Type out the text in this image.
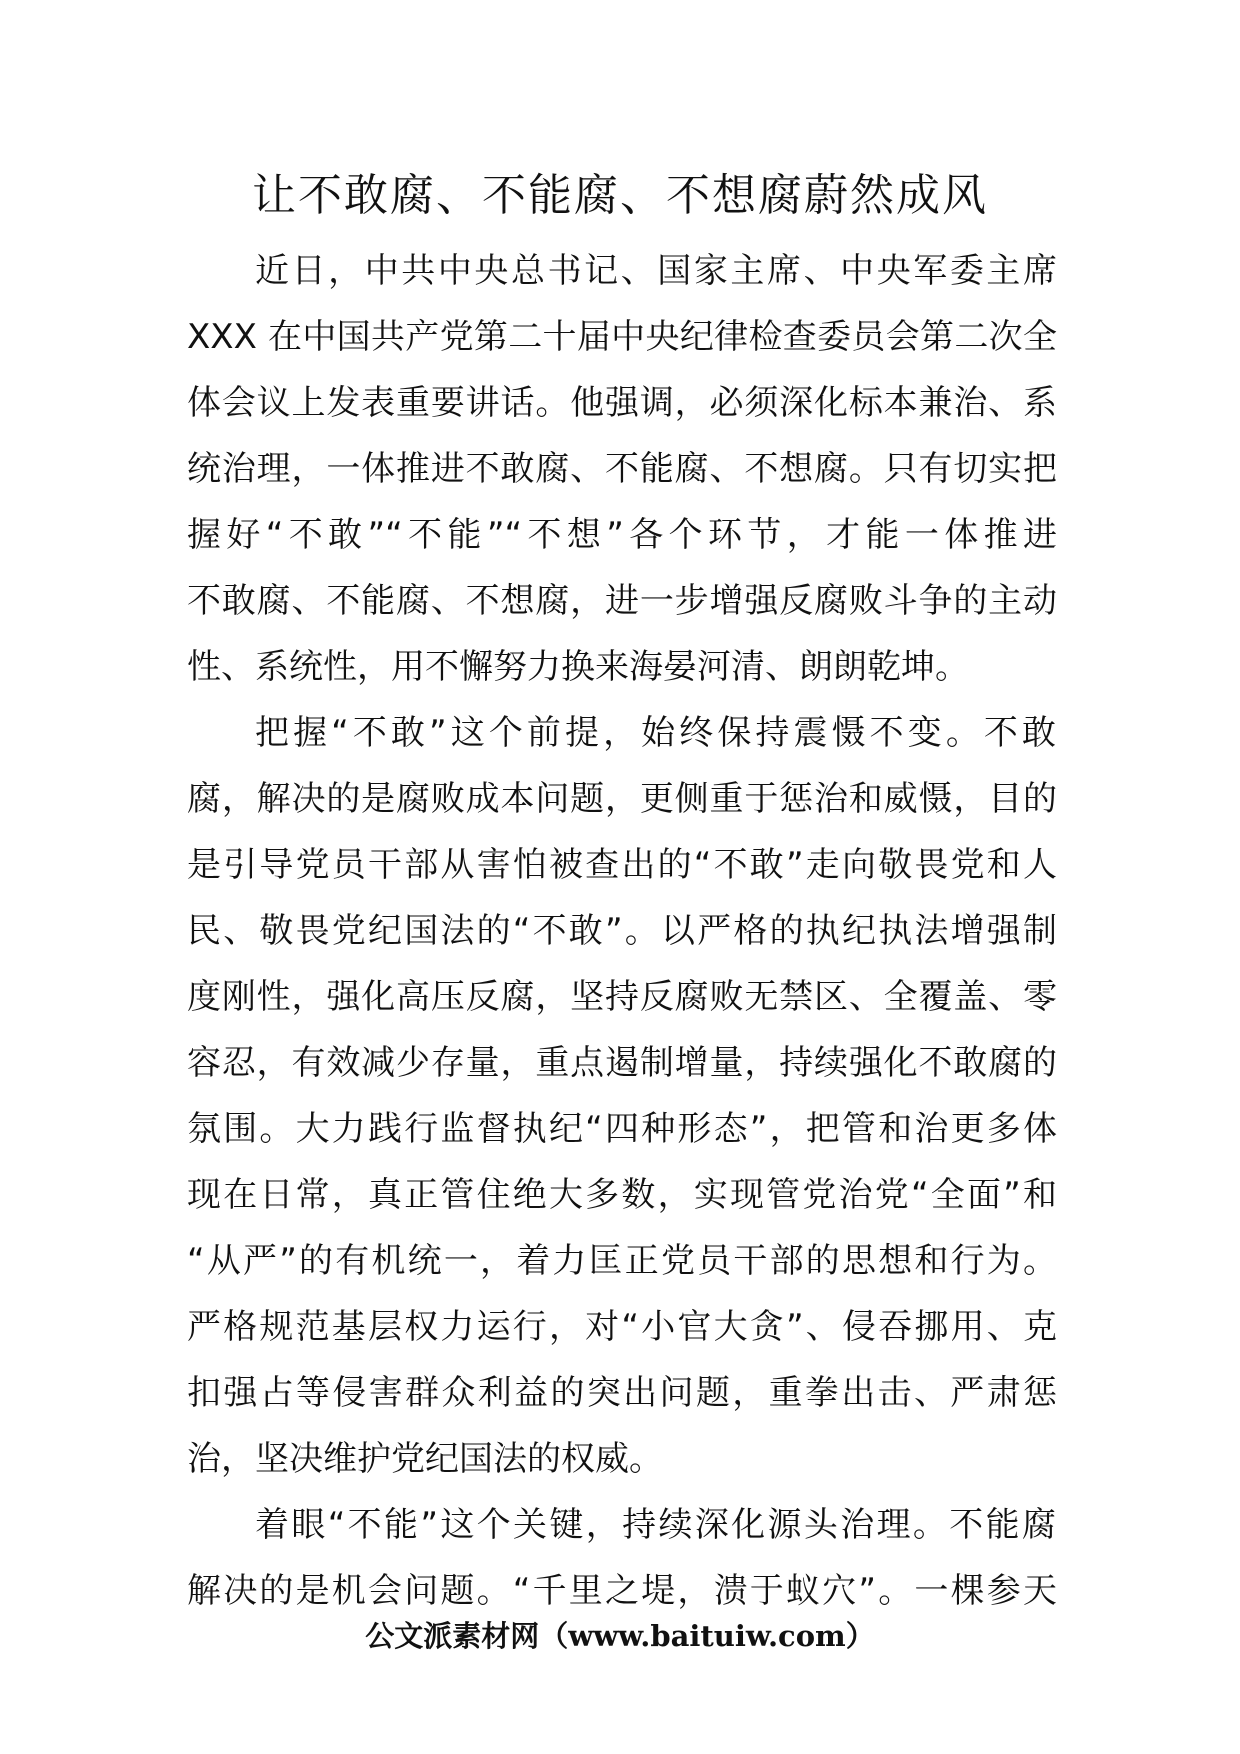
让不敢腐、不能腐、不想腐蔚然成风
近日，中共中央总书记、国家主席、中央军委主席
XXX 在中国共产党第二十届中央纪律检查委员会第二次全
体会议上发表重要讲话。他强调，必须深化标本兼治、系
统治理，一体推进不敢腐、不能腐、不想腐。只有切实把
握好“不敢”“不能”“不想”各个环节，才能一体推进
不敢腐、不能腐、不想腐，进一步增强反腐败斗争的主动
性、系统性，用不懈努力换来海晏河清、朗朗乾坤。
把握“不敢”这个前提，始终保持震慑不变。不敢
腐，解决的是腐败成本问题，更侧重于惩治和威慑，目的
是引导党员干部从害怕被查出的“不敢”走向敬畏党和人
民、敬畏党纪国法的“不敢”。以严格的执纪执法增强制
度刚性，强化高压反腐，坚持反腐败无禁区、全覆盖、零
容忍，有效减少存量，重点遏制增量，持续强化不敢腐的
氛围。大力践行监督执纪“四种形态”，把管和治更多体
现在日常，真正管住绝大多数，实现管党治党“全面”和
“从严”的有机统一，着力匡正党员干部的思想和行为。
严格规范基层权力运行，对“小官大贪”、侵吞挪用、克
扣强占等侵害群众利益的突出问题，重拳出击、严肃惩
治，坚决维护党纪国法的权威。
着眼“不能”这个关键，持续深化源头治理。不能腐
解决的是机会问题。“千里之堤，溃于蚁穴”。一棵参天
公文派素材网（www.baituiw.com）
